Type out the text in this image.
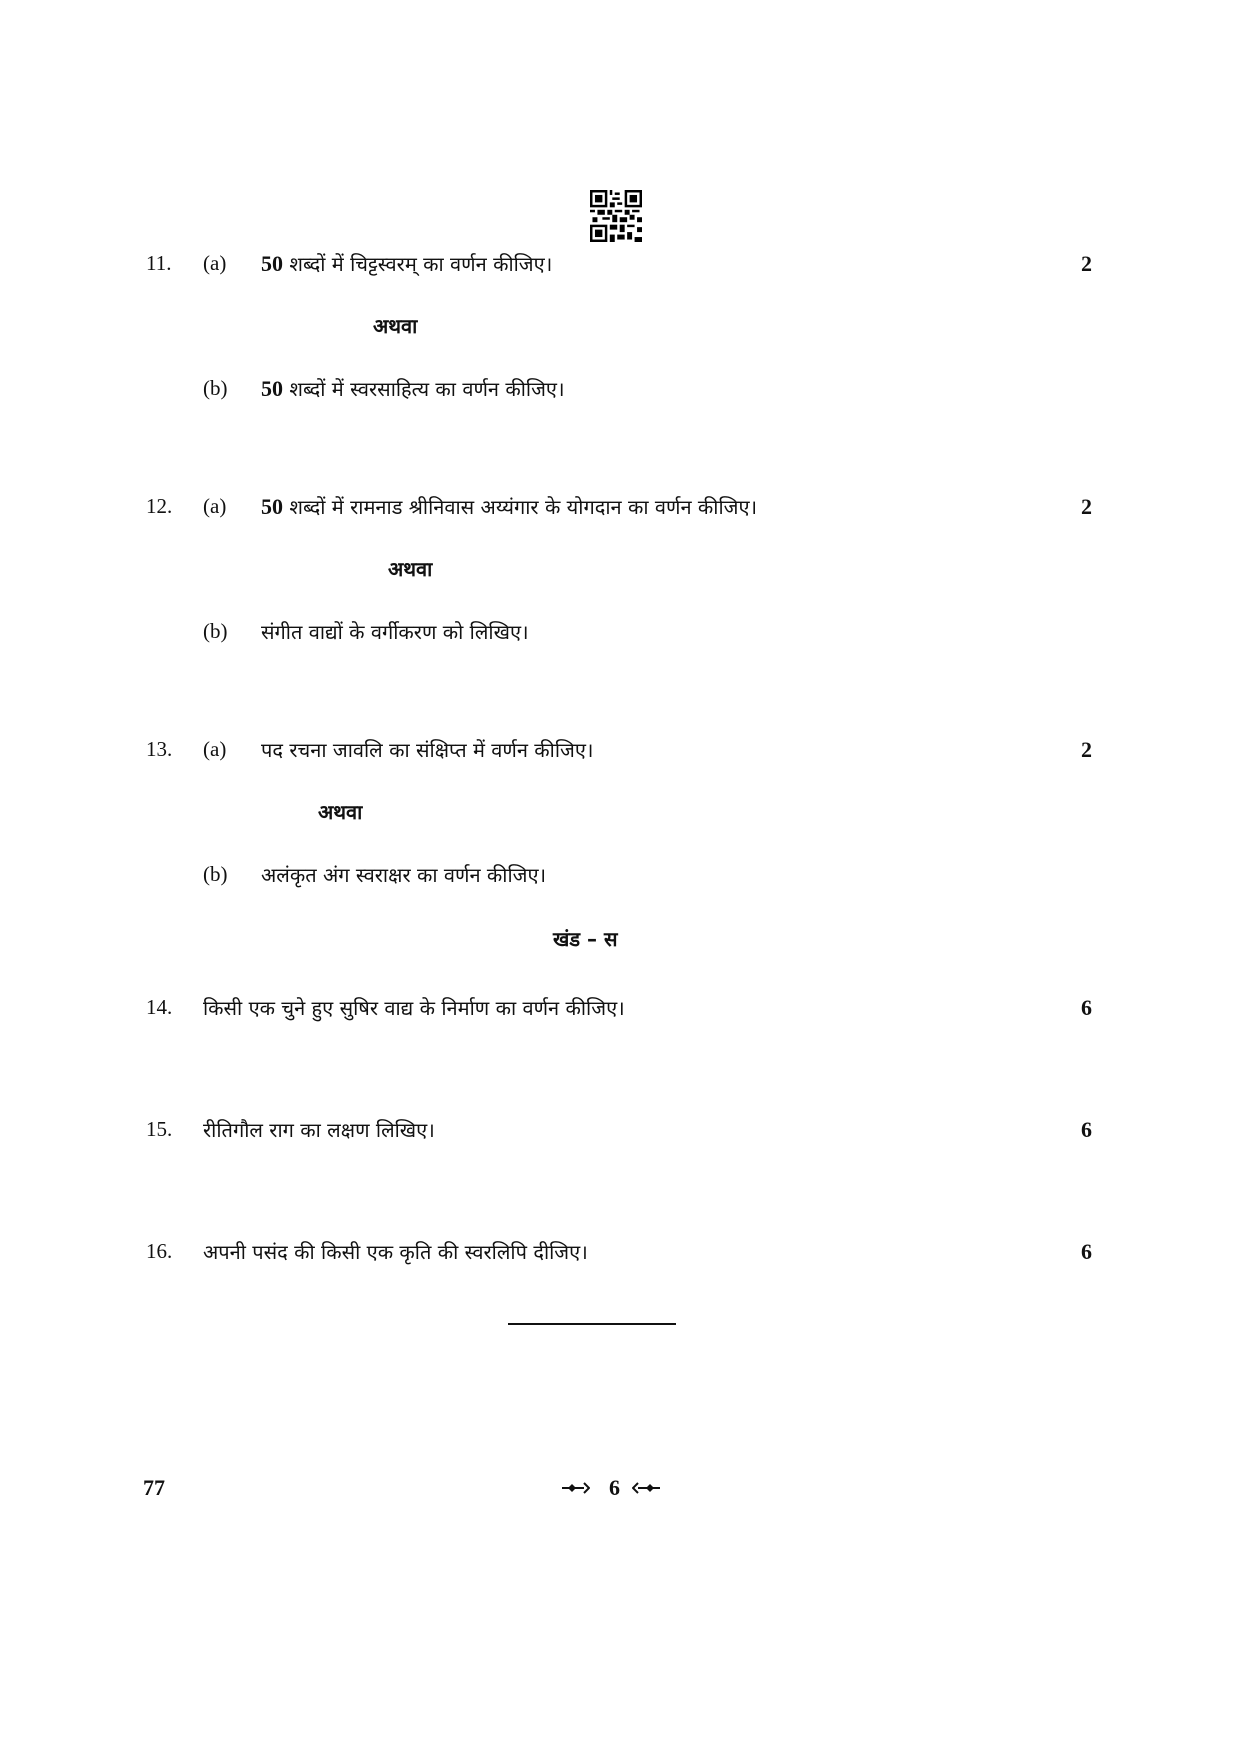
11. (a) 50 शब्दों में चिट्टस्वरम् का वर्णन कीजिए।	2
अथवा
(b) 50 शब्दों में स्वरसाहित्य का वर्णन कीजिए।
12. (a) 50 शब्दों में रामनाड श्रीनिवास अय्यंगार के योगदान का वर्णन कीजिए।	2
अथवा
(b) संगीत वाद्यों के वर्गीकरण को लिखिए।
13. (a) पद रचना जावलि का संक्षिप्त में वर्णन कीजिए।	2
अथवा
(b) अलंकृत अंग स्वराक्षर का वर्णन कीजिए।
खंड – स
14. किसी एक चुने हुए सुषिर वाद्य के निर्माण का वर्णन कीजिए।	6
15. रीतिगौल राग का लक्षण लिखिए।	6
16. अपनी पसंद की किसी एक कृति की स्वरलिपि दीजिए।	6
77	6
